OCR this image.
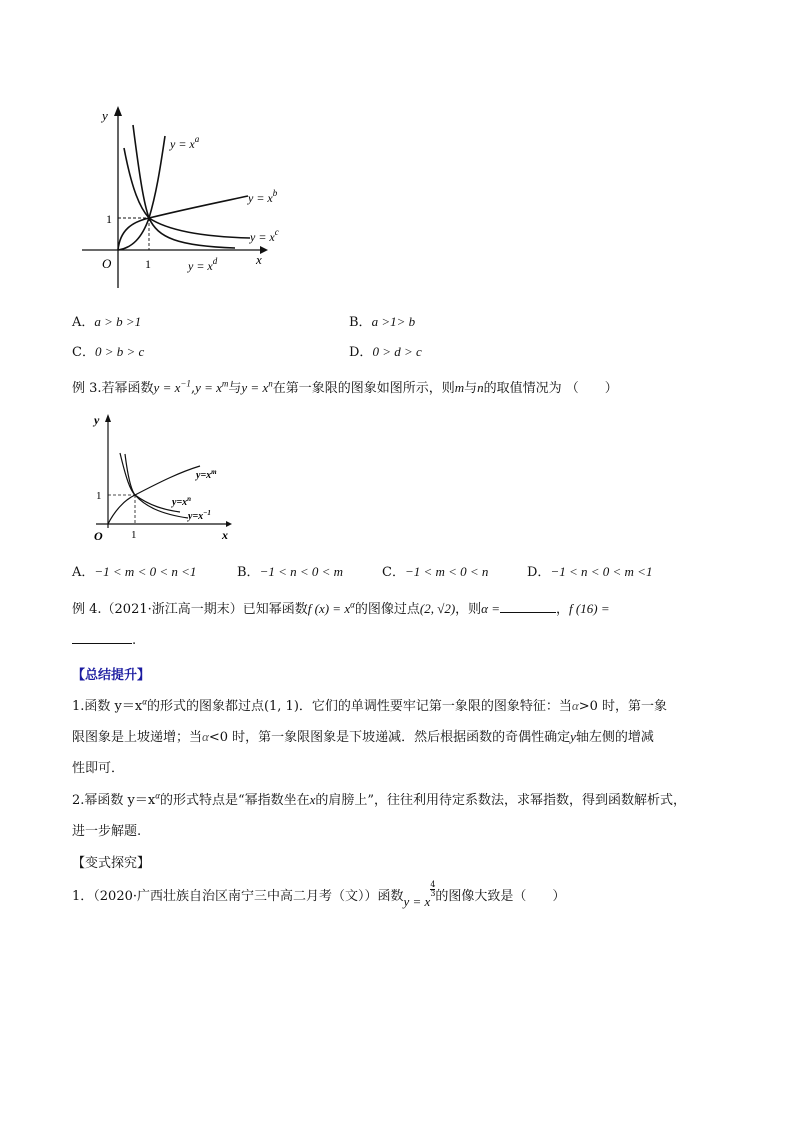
y
x
O	1
1
$y = x^a$
$y = x^b$
$y = x^c$
$y = x^d$
A．a > b >1	B．a >1> b
C．0 > b > c	D．0 > d > c
例 3.若幂函数$y = x^{-1},y = x^m$与$y = x^n$在第一象限的图象如图所示，则m与n的取值情况为 （　　）
y
x
O	1
1
$y=x^m$
$y=x^n$
$y=x^{-1}$
A．−1 < m < 0 < n <1	B．−1 < n < 0 < m	C．−1 < m < 0 < n	D．−1 < n < 0 < m <1
例 4.（2021·浙江高一期末）已知幂函数f $(x) = x^\alpha$的图像过点(2, √2)，则α =	，f (16) =
.
【总结提升】
1.函数 $y=x^\alpha$的形式的图象都过点(1, 1)．它们的单调性要牢记第一象限的图象特征：当α>0 时，第一象
限图象是上坡递增；当α<0 时，第一象限图象是下坡递减．然后根据函数的奇偶性确定y轴左侧的增减
性即可．
2.幂函数 $y=x^\alpha$的形式特点是“幂指数坐在x的肩膀上”，往往利用待定系数法，求幂指数，得到函数解析式，
进一步解题.
【变式探究】
1．（2020·广西壮族自治区南宁三中高二月考（文））函数y = x
$\frac{4}{3}$ 的图像大致是（　　）
